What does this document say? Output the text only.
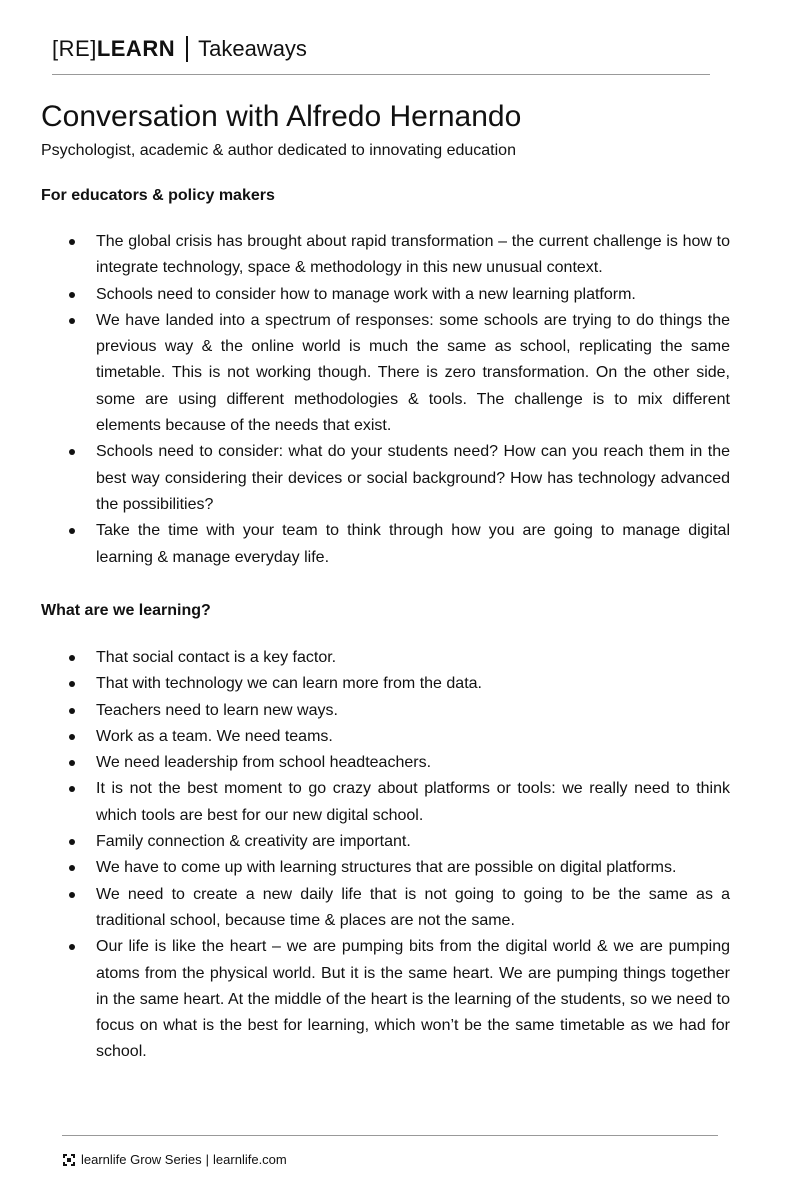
[RE]LEARN Takeaways
Conversation with Alfredo Hernando

Psychologist, academic & author dedicated to innovating education

For educators & policy makers
The global crisis has brought about rapid transformation – the current challenge is how to integrate technology, space & methodology in this new unusual context.
Schools need to consider how to manage work with a new learning platform.
We have landed into a spectrum of responses: some schools are trying to do things the previous way & the online world is much the same as school, replicating the same timetable. This is not working though. There is zero transformation. On the other side, some are using different methodologies & tools. The challenge is to mix different elements because of the needs that exist.
Schools need to consider: what do your students need? How can you reach them in the best way considering their devices or social background? How has technology advanced the possibilities?
Take the time with your team to think through how you are going to manage digital learning & manage everyday life.
What are we learning?
That social contact is a key factor.
That with technology we can learn more from the data.
Teachers need to learn new ways.
Work as a team. We need teams.
We need leadership from school headteachers.
It is not the best moment to go crazy about platforms or tools: we really need to think which tools are best for our new digital school.
Family connection & creativity are important.
We have to come up with learning structures that are possible on digital platforms.
We need to create a new daily life that is not going to going to be the same as a traditional school, because time & places are not the same.
Our life is like the heart – we are pumping bits from the digital world & we are pumping atoms from the physical world. But it is the same heart. We are pumping things together in the same heart. At the middle of the heart is the learning of the students, so we need to focus on what is the best for learning, which won’t be the same timetable as we had for school.
learnlife Grow Series | learnlife.com
